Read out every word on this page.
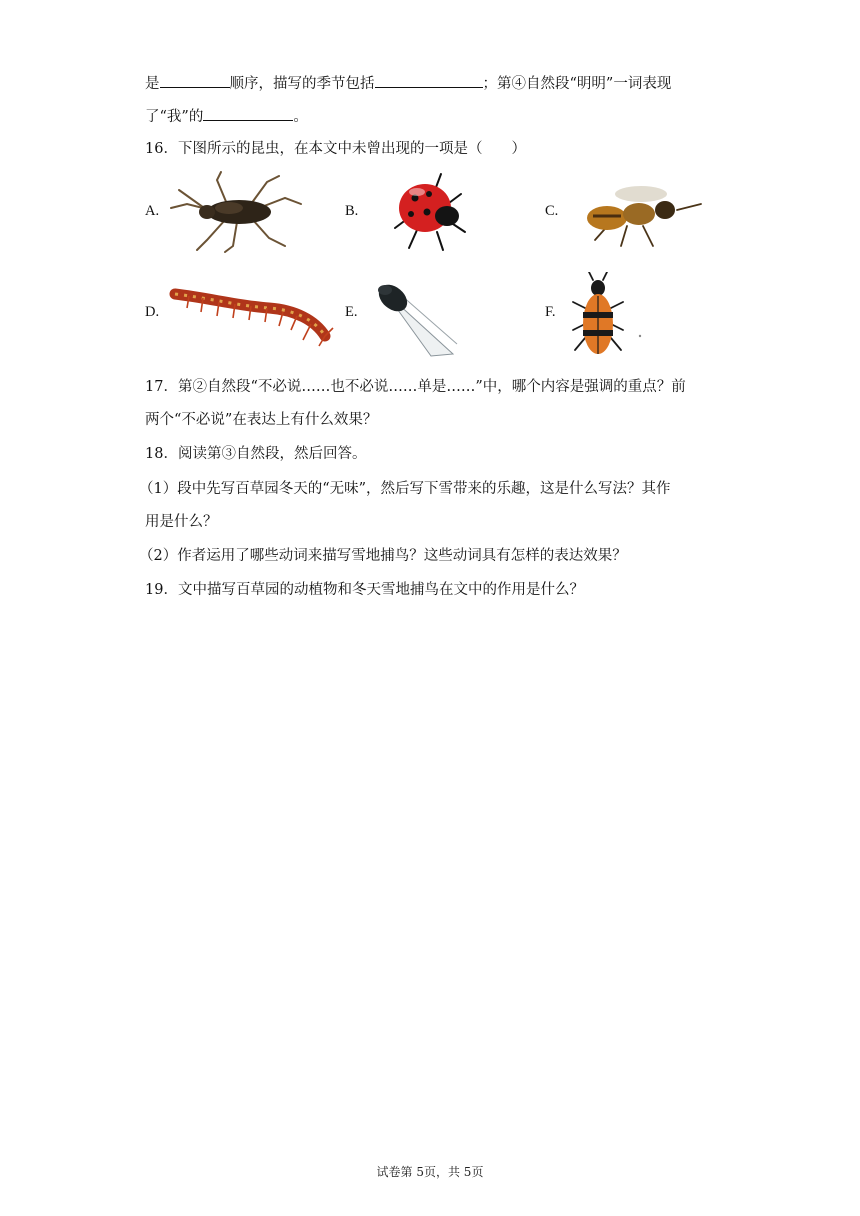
是	顺序，描写的季节包括	；第④自然段“明明”一词表现
了“我”的	。
16．下图所示的昆虫，在本文中未曾出现的一项是（　　）
A.	B.	C.
D.	E.	F.
17．第②自然段“不必说……也不必说……单是……”中，哪个内容是强调的重点？前
两个“不必说”在表达上有什么效果？
18．阅读第③自然段，然后回答。
（1）段中先写百草园冬天的“无味”，然后写下雪带来的乐趣，这是什么写法？其作
用是什么？
（2）作者运用了哪些动词来描写雪地捕鸟？这些动词具有怎样的表达效果？
19．文中描写百草园的动植物和冬天雪地捕鸟在文中的作用是什么？
试卷第 5页，共 5页
